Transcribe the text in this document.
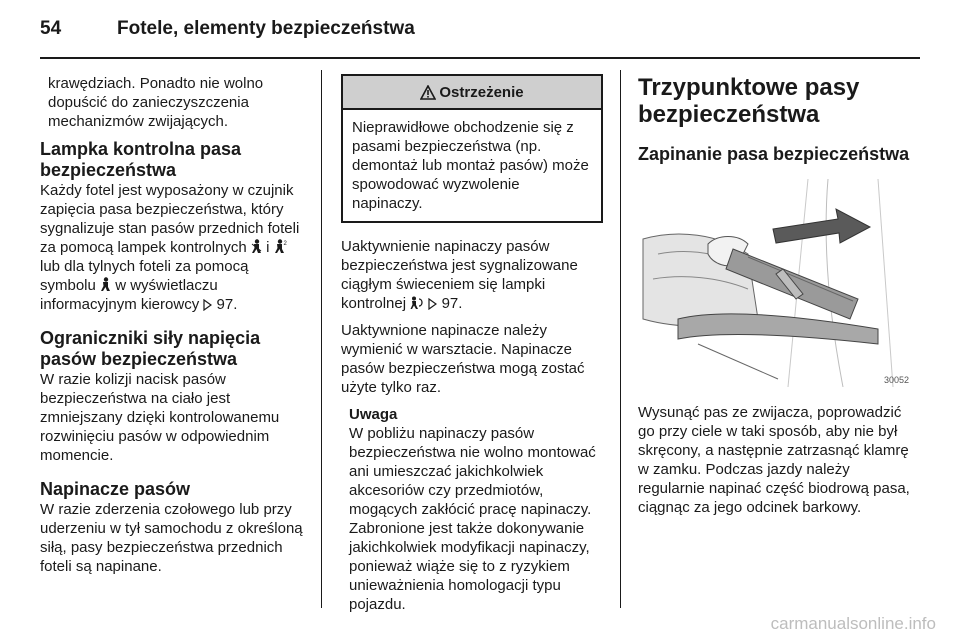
54	Fotele, elementy bezpieczeństwa

krawędziach. Ponadto nie wolno dopuścić do zanieczyszczenia mechanizmów zwijających.

Lampka kontrolna pasa bezpieczeństwa

Każdy fotel jest wyposażony w czujnik zapięcia pasa bezpieczeństwa, który sygnalizuje stan pasów przednich foteli za pomocą lampek kontrolnych i 2
lub dla tylnych foteli za pomocą symbolu w wyświetlaczu informacyjnym kierowcy 97.

Ograniczniki siły napięcia pasów bezpieczeństwa

W razie kolizji nacisk pasów bezpieczeństwa na ciało jest zmniejszany dzięki kontrolowanemu rozwinięciu pasów w odpowiednim momencie.

Napinacze pasów

W razie zderzenia czołowego lub przy uderzeniu w tył samochodu z określoną siłą, pasy bezpieczeństwa przednich foteli są napinane.

Ostrzeżenie
Nieprawidłowe obchodzenie się z pasami bezpieczeństwa (np. demontaż lub montaż pasów) może spowodować wyzwolenie napinaczy.

Uaktywnienie napinaczy pasów bezpieczeństwa jest sygnalizowane ciągłym świeceniem się lampki kontrolnej 97.

Uaktywnione napinacze należy wymienić w warsztacie. Napinacze pasów bezpieczeństwa mogą zostać użyte tylko raz.

Uwaga
W pobliżu napinaczy pasów bezpieczeństwa nie wolno montować ani umieszczać jakichkolwiek akcesoriów czy przedmiotów, mogących zakłócić pracę napinaczy. Zabronione jest także dokonywanie jakichkolwiek modyfikacji napinaczy, ponieważ wiąże się to z ryzykiem unieważnienia homologacji typu pojazdu.
Trzypunktowe pasy bezpieczeństwa
Zapinanie pasa bezpieczeństwa
30052

Wysunąć pas ze zwijacza, poprowadzić go przy ciele w taki sposób, aby nie był skręcony, a następnie zatrzasnąć klamrę w zamku. Podczas jazdy należy regularnie napinać część biodrową pasa, ciągnąc za jego odcinek barkowy.

carmanualsonline.info
